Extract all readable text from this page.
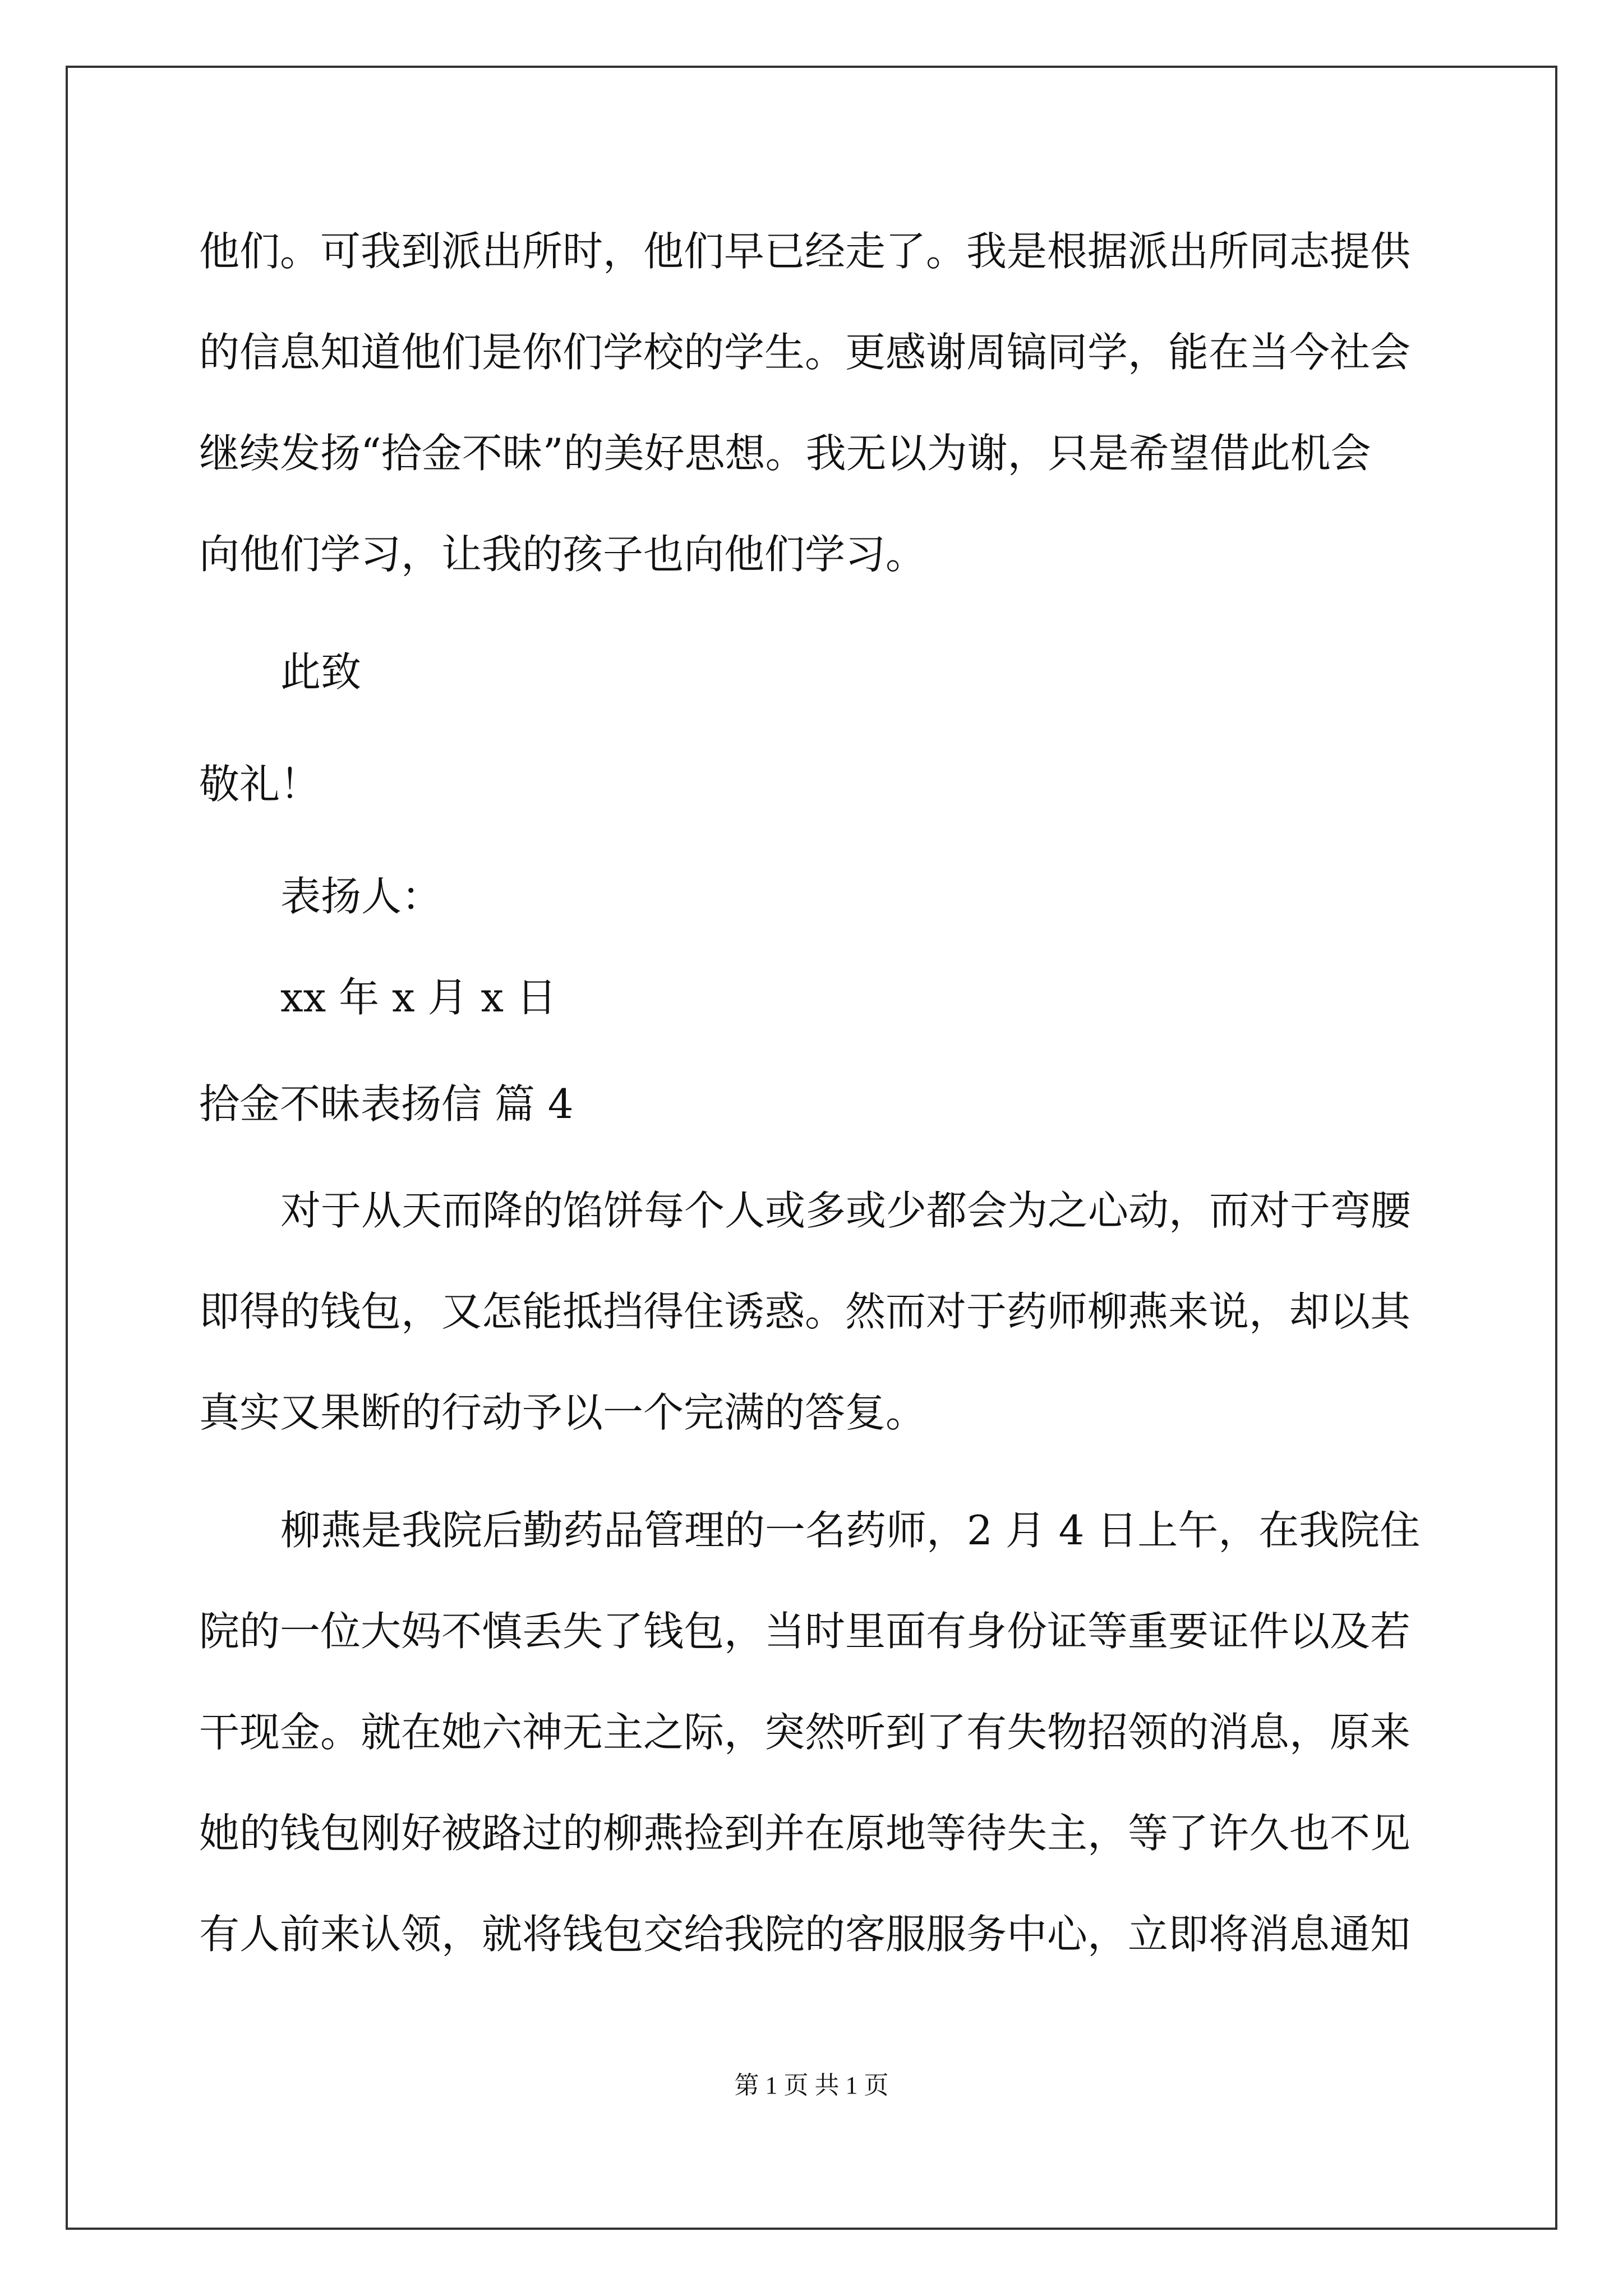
他们。可我到派出所时，他们早已经走了。我是根据派出所同志提供
的信息知道他们是你们学校的学生。更感谢周镐同学，能在当今社会
继续发扬“拾金不昧”的美好思想。我无以为谢，只是希望借此机会
向他们学习，让我的孩子也向他们学习。
此致
敬礼！
表扬人：
xx 年 x 月 x 日
拾金不昧表扬信 篇 4
对于从天而降的馅饼每个人或多或少都会为之心动，而对于弯腰
即得的钱包，又怎能抵挡得住诱惑。然而对于药师柳燕来说，却以其
真实又果断的行动予以一个完满的答复。
柳燕是我院后勤药品管理的一名药师，2 月 4 日上午，在我院住
院的一位大妈不慎丢失了钱包，当时里面有身份证等重要证件以及若
干现金。就在她六神无主之际，突然听到了有失物招领的消息，原来
她的钱包刚好被路过的柳燕捡到并在原地等待失主，等了许久也不见
有人前来认领，就将钱包交给我院的客服服务中心，立即将消息通知
第 1 页 共 1 页
